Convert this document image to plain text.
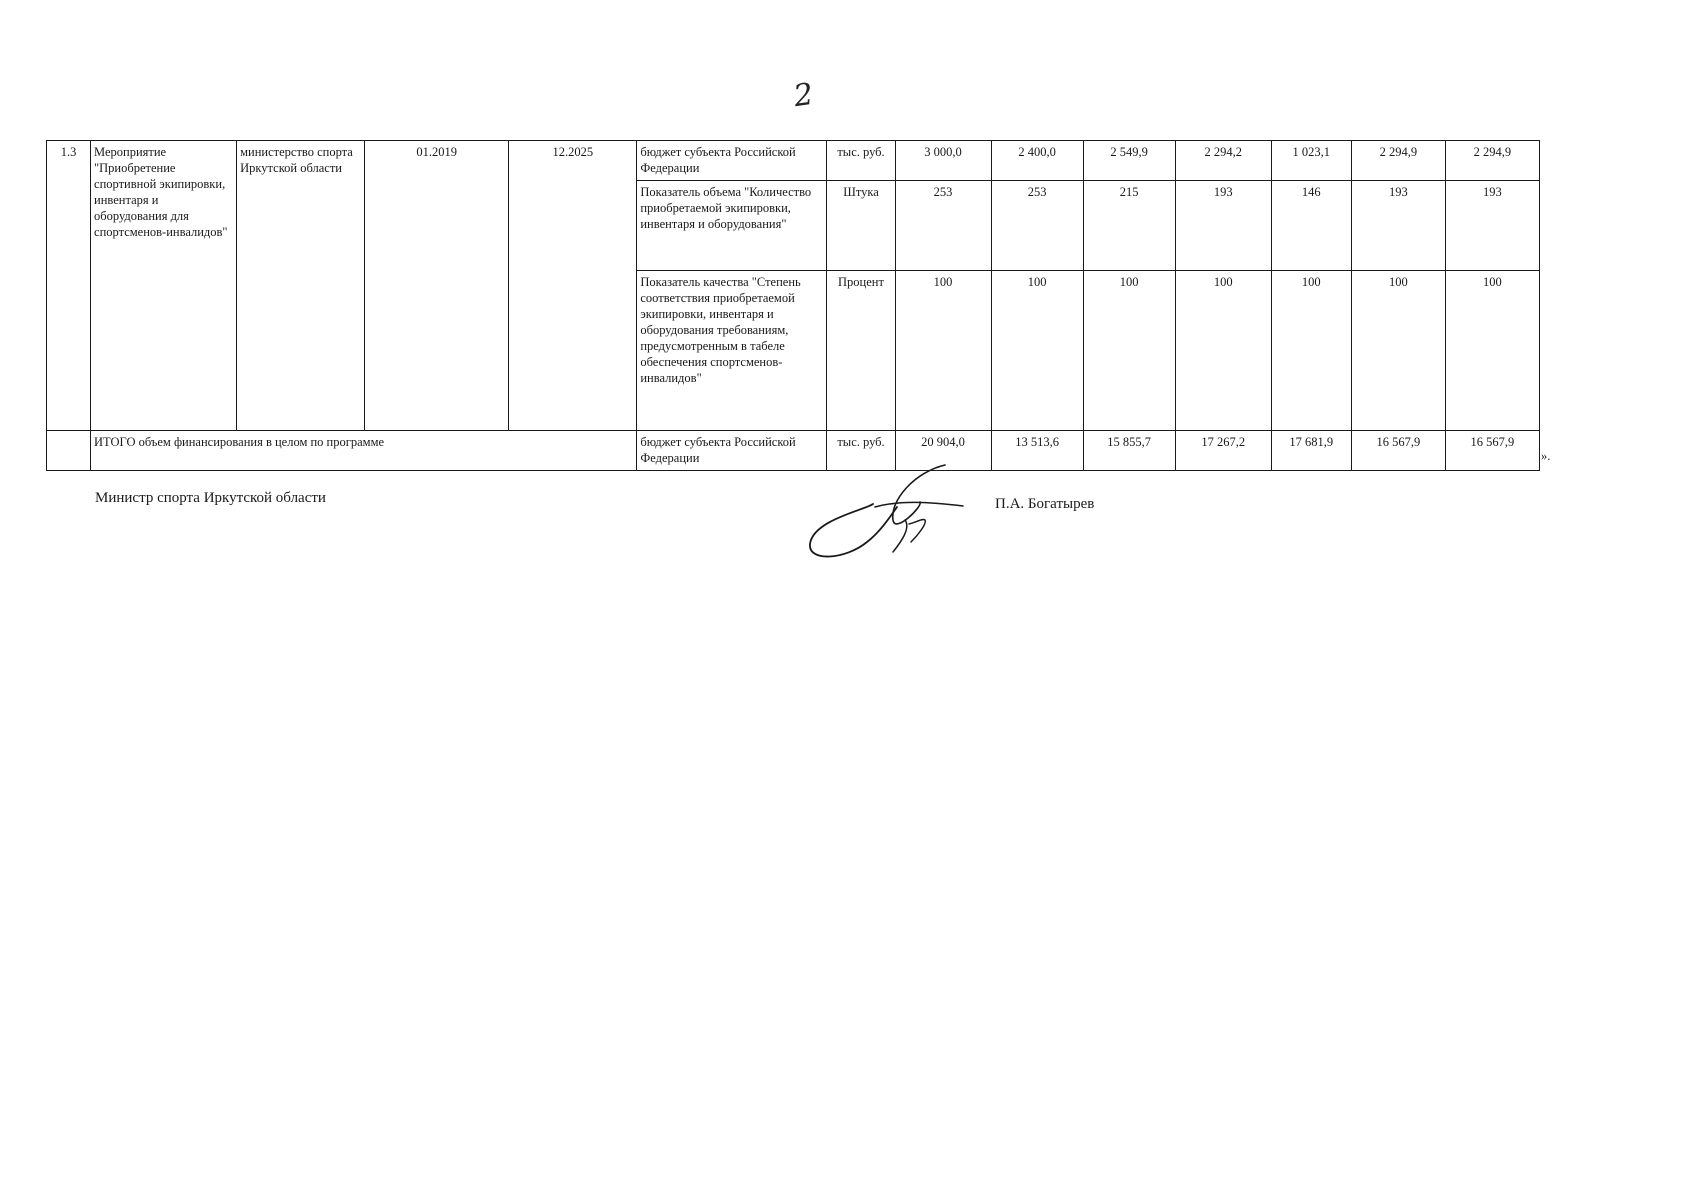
2
1.3	Мероприятие "Приобретение спортивной экипировки, инвентаря и оборудования для спортсменов-инвалидов"	министерство спорта Иркутской области	01.2019	12.2025	бюджет субъекта Российской Федерации	тыс. руб.	3 000,0	2 400,0	2 549,9	2 294,2	1 023,1	2 294,9	2 294,9
					Показатель объема "Количество приобретаемой экипировки, инвентаря и оборудования"	Штука	253	253	215	193	146	193	193
					Показатель качества "Степень соответствия приобретаемой экипировки, инвентаря и оборудования требованиям, предусмотренным в табеле обеспечения спортсменов-инвалидов"	Процент	100	100	100	100	100	100	100
	ИТОГО объем финансирования в целом по программе				бюджет субъекта Российской Федерации	тыс. руб.	20 904,0	13 513,6	15 855,7	17 267,2	17 681,9	16 567,9	16 567,9
».
Министр спорта Иркутской области	П.А. Богатырев
